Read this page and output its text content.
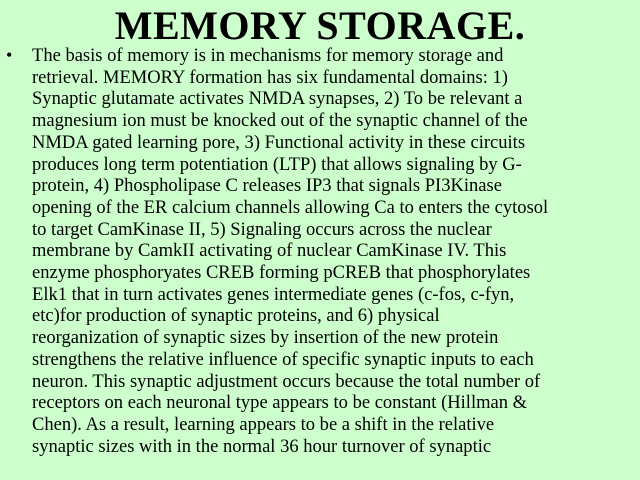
MEMORY STORAGE.
• The basis of memory is in mechanisms for memory storage and
retrieval. MEMORY formation has six fundamental domains: 1)
Synaptic glutamate activates NMDA synapses, 2) To be relevant a
magnesium ion must be knocked out of the synaptic channel of the
NMDA gated learning pore, 3) Functional activity in these circuits
produces long term potentiation (LTP) that allows signaling by G-
protein, 4) Phospholipase C releases IP3 that signals PI3Kinase
opening of the ER calcium channels allowing Ca to enters the cytosol
to target CamKinase II, 5) Signaling occurs across the nuclear
membrane by CamkII activating of nuclear CamKinase IV. This
enzyme phosphoryates CREB forming pCREB that phosphorylates
Elk1 that in turn activates genes intermediate genes (c-fos, c-fyn,
etc)for production of synaptic proteins, and 6) physical
reorganization of synaptic sizes by insertion of the new protein
strengthens the relative influence of specific synaptic inputs to each
neuron. This synaptic adjustment occurs because the total number of
receptors on each neuronal type appears to be constant (Hillman &
Chen). As a result, learning appears to be a shift in the relative
synaptic sizes with in the normal 36 hour turnover of synaptic
